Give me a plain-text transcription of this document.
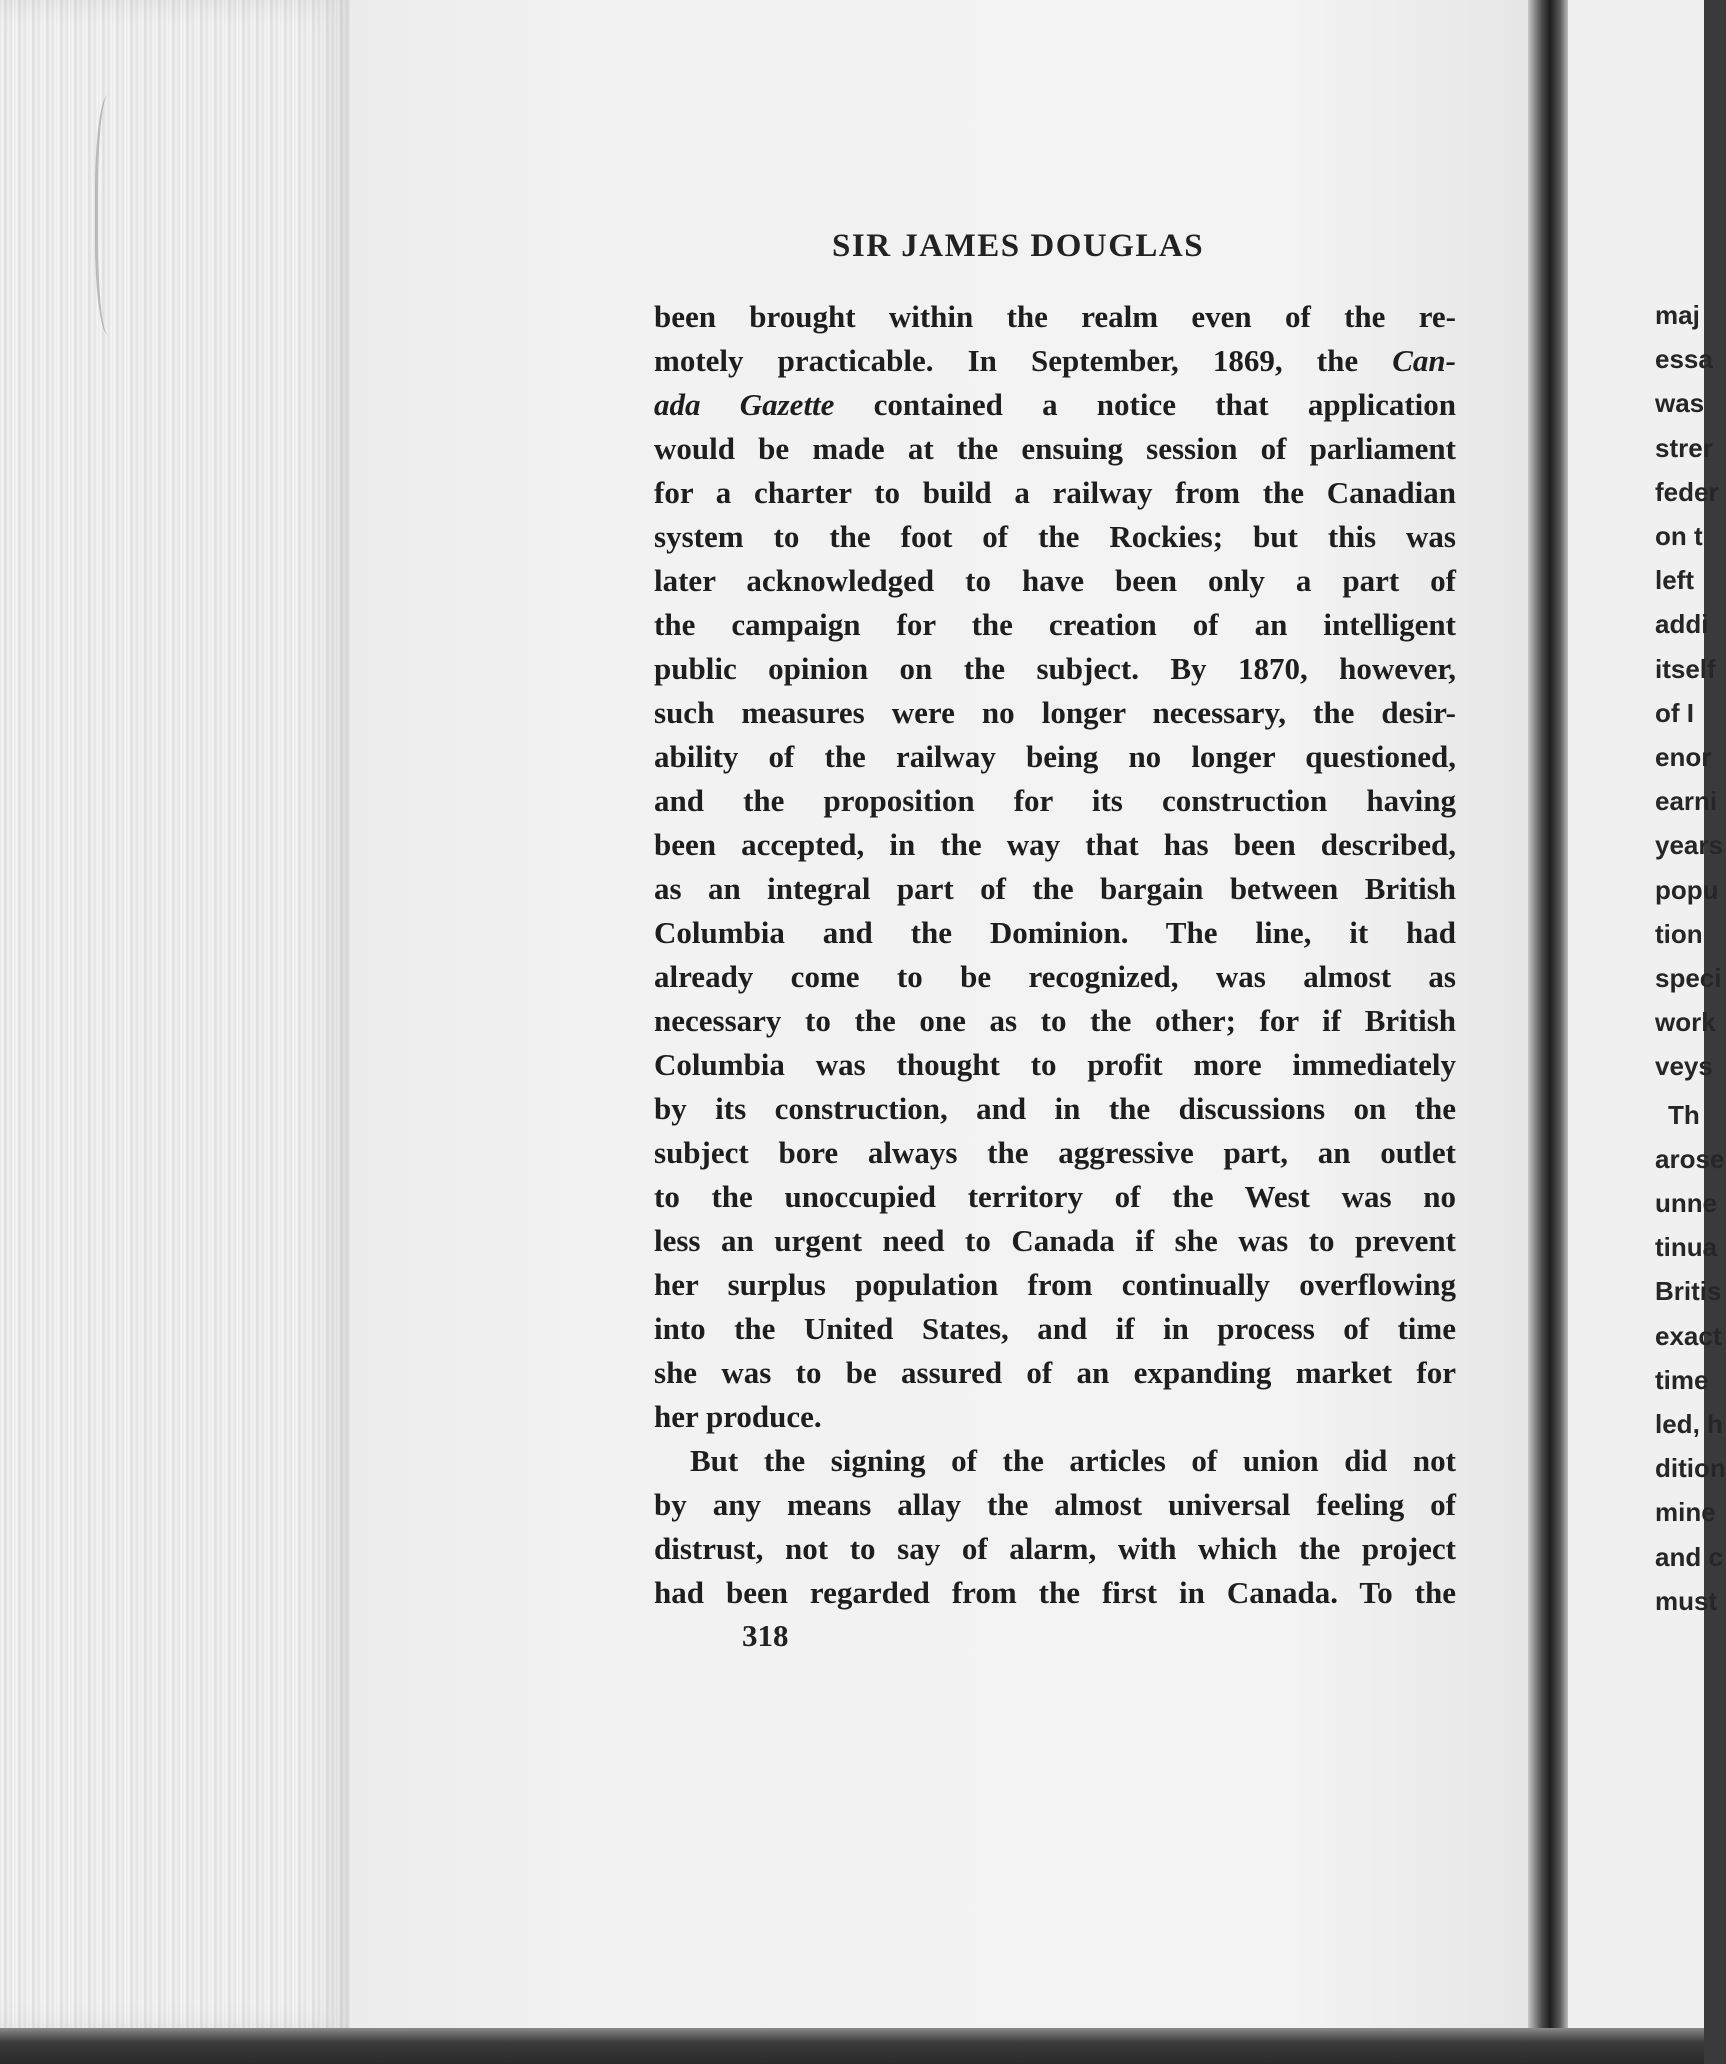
SIR JAMES DOUGLAS
been brought within the realm even of the re-
motely practicable. In September, 1869, the Can-
ada Gazette contained a notice that application
would be made at the ensuing session of parliament
for a charter to build a railway from the Canadian
system to the foot of the Rockies; but this was
later acknowledged to have been only a part of
the campaign for the creation of an intelligent
public opinion on the subject. By 1870, however,
such measures were no longer necessary, the desir-
ability of the railway being no longer questioned,
and the proposition for its construction having
been accepted, in the way that has been described,
as an integral part of the bargain between British
Columbia and the Dominion. The line, it had
already come to be recognized, was almost as
necessary to the one as to the other; for if British
Columbia was thought to profit more immediately
by its construction, and in the discussions on the
subject bore always the aggressive part, an outlet
to the unoccupied territory of the West was no
less an urgent need to Canada if she was to prevent
her surplus population from continually overflowing
into the United States, and if in process of time
she was to be assured of an expanding market for
her produce.
But the signing of the articles of union did not
by any means allay the almost universal feeling of
distrust, not to say of alarm, with which the project
had been regarded from the first in Canada. To the
318
maj
essa
was
strer
feder
on t
left
addi
itself
of I
enor
earni
years
popu
tion
speci
work
veys
Th
arose
unne
tinua
Britis
exact
time
led, h
dition
mine
and c
must
